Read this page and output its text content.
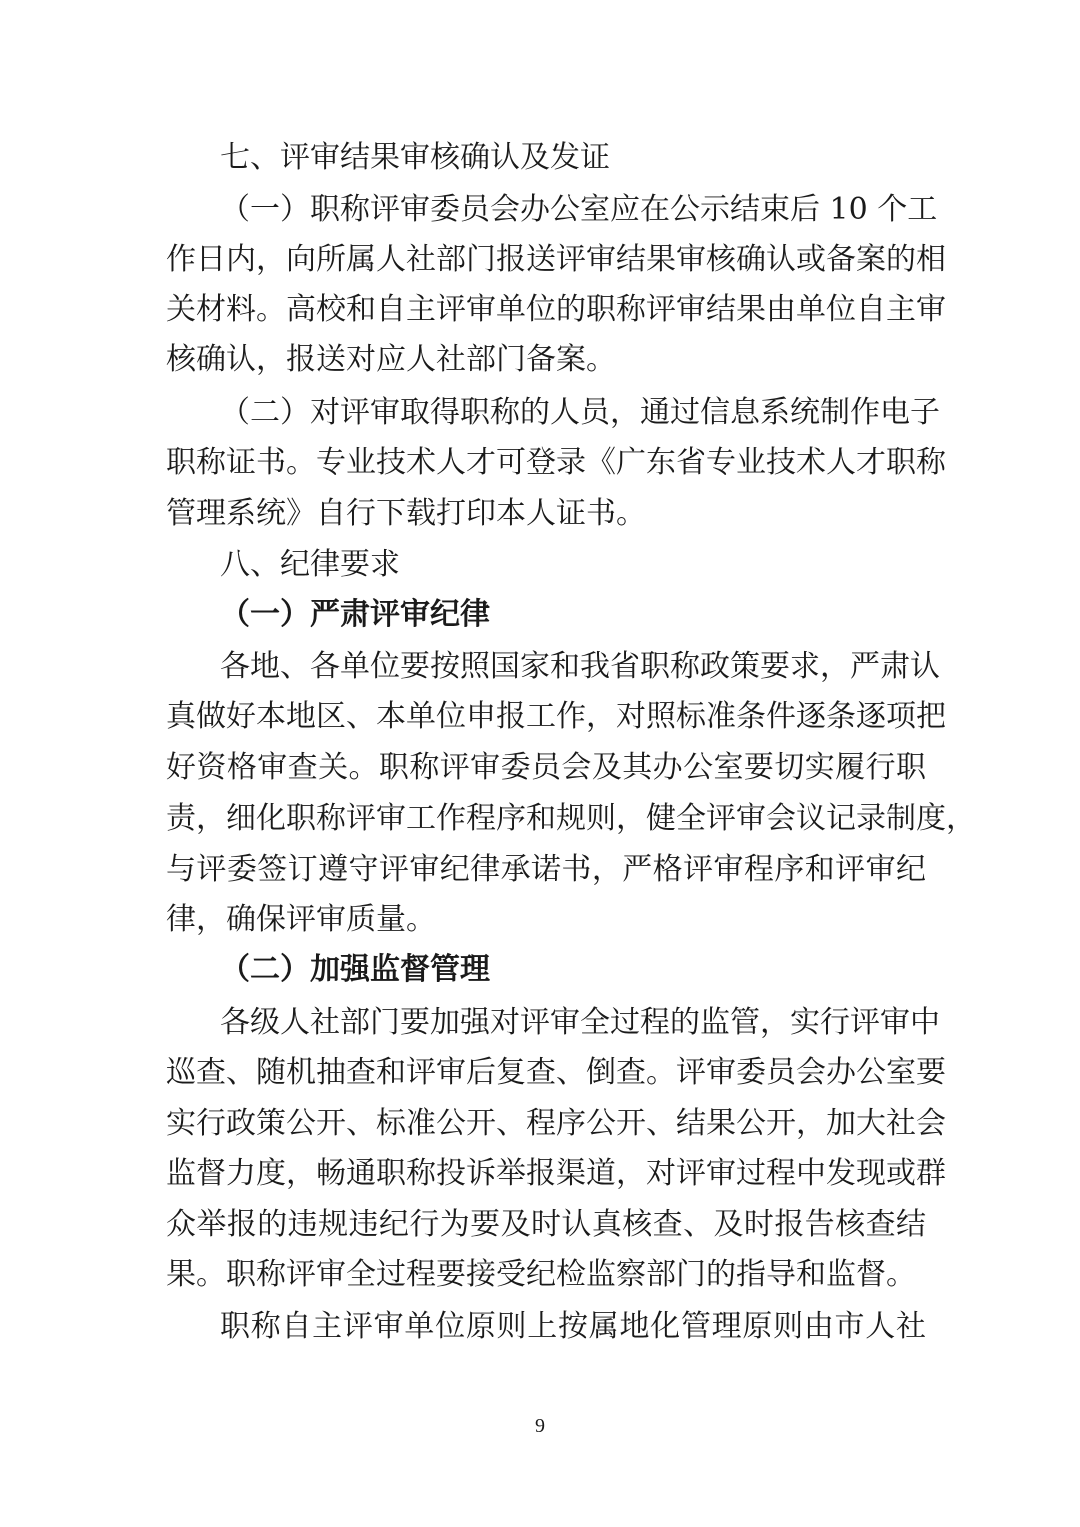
七、评审结果审核确认及发证
（一）职称评审委员会办公室应在公示结束后 10 个工
作日内，向所属人社部门报送评审结果审核确认或备案的相
关材料。高校和自主评审单位的职称评审结果由单位自主审
核确认，报送对应人社部门备案。
（二）对评审取得职称的人员，通过信息系统制作电子
职称证书。专业技术人才可登录《广东省专业技术人才职称
管理系统》自行下载打印本人证书。
八、纪律要求
（一）严肃评审纪律
各地、各单位要按照国家和我省职称政策要求，严肃认
真做好本地区、本单位申报工作，对照标准条件逐条逐项把
好资格审查关。职称评审委员会及其办公室要切实履行职
责，细化职称评审工作程序和规则，健全评审会议记录制度，
与评委签订遵守评审纪律承诺书，严格评审程序和评审纪
律，确保评审质量。
（二）加强监督管理
各级人社部门要加强对评审全过程的监管，实行评审中
巡查、随机抽查和评审后复查、倒查。评审委员会办公室要
实行政策公开、标准公开、程序公开、结果公开，加大社会
监督力度，畅通职称投诉举报渠道，对评审过程中发现或群
众举报的违规违纪行为要及时认真核查、及时报告核查结
果。职称评审全过程要接受纪检监察部门的指导和监督。
职称自主评审单位原则上按属地化管理原则由市人社
9
